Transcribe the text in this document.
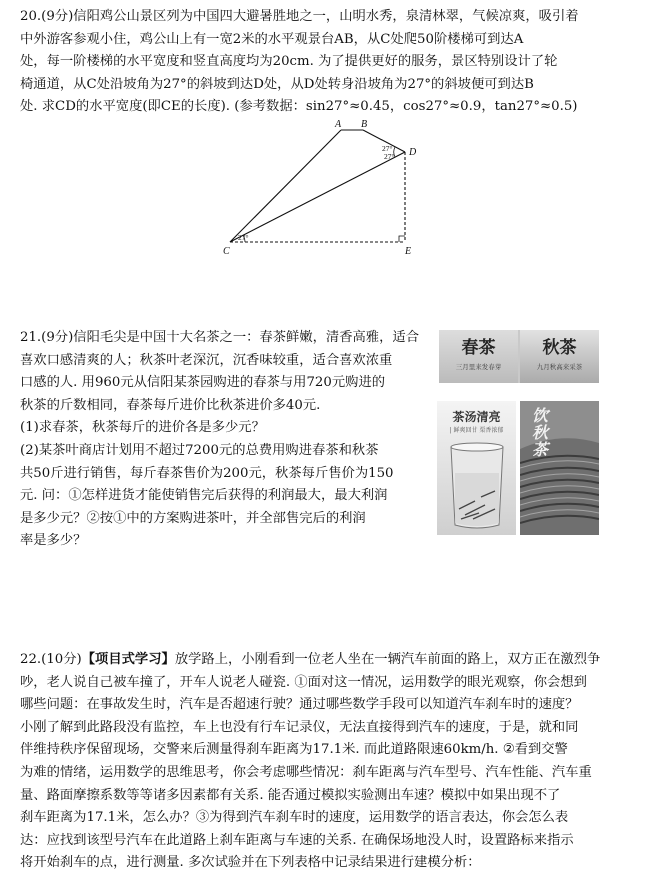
20.(9分)信阳鸡公山景区列为中国四大避暑胜地之一，山明水秀，泉清林翠，气候凉爽，吸引着
中外游客参观小住，鸡公山上有一宽2米的水平观景台AB，从C处爬50阶楼梯可到达A
处，每一阶楼梯的水平宽度和竖直高度均为20cm. 为了提供更好的服务，景区特别设计了轮
椅通道，从C处沿坡角为27°的斜坡到达D处，从D处转身沿坡角为27°的斜坡便可到达B
处. 求CD的水平宽度(即CE的长度). (参考数据：sin27°≈0.45，cos27°≈0.9，tan27°≈0.5)
A B
C
D
E
27°
27°
27°
21.(9分)信阳毛尖是中国十大名茶之一：春茶鲜嫩，清香高雅，适合
喜欢口感清爽的人；秋茶叶老深沉，沉香味较重，适合喜欢浓重
口感的人. 用960元从信阳某茶园购进的春茶与用720元购进的
秋茶的斤数相同，春茶每斤进价比秋茶进价多40元.
(1)求春茶，秋茶每斤的进价各是多少元？
(2)某茶叶商店计划用不超过7200元的总费用购进春茶和秋茶
共50斤进行销售，每斤春茶售价为200元，秋茶每斤售价为150
元. 问：①怎样进货才能使销售完后获得的利润最大，最大利润
是多少元？②按①中的方案购进茶叶，并全部售完后的利润
率是多少？
春茶
三月里来发春芽
秋茶
九月秋高来采茶
茶汤清亮
| 鲜爽回甘 栗香浓郁
饮秋茶
22.(10分)【项目式学习】放学路上，小刚看到一位老人坐在一辆汽车前面的路上，双方正在激烈争
吵，老人说自己被车撞了，开车人说老人碰瓷. ①面对这一情况，运用数学的眼光观察，你会想到
哪些问题：在事故发生时，汽车是否超速行驶？通过哪些数学手段可以知道汽车刹车时的速度？
小刚了解到此路段没有监控，车上也没有行车记录仪，无法直接得到汽车的速度，于是，就和同
伴维持秩序保留现场，交警来后测量得刹车距离为17.1米. 而此道路限速60km/h. ②看到交警
为难的情绪，运用数学的思维思考，你会考虑哪些情况：刹车距离与汽车型号、汽车性能、汽车重
量、路面摩擦系数等等诸多因素都有关系. 能否通过模拟实验测出车速？模拟中如果出现不了
刹车距离为17.1米，怎么办？③为得到汽车刹车时的速度，运用数学的语言表达，你会怎么表
达：应找到该型号汽车在此道路上刹车距离与车速的关系. 在确保场地没人时，设置路标来指示
将开始刹车的点，进行测量. 多次试验并在下列表格中记录结果进行建模分析：
